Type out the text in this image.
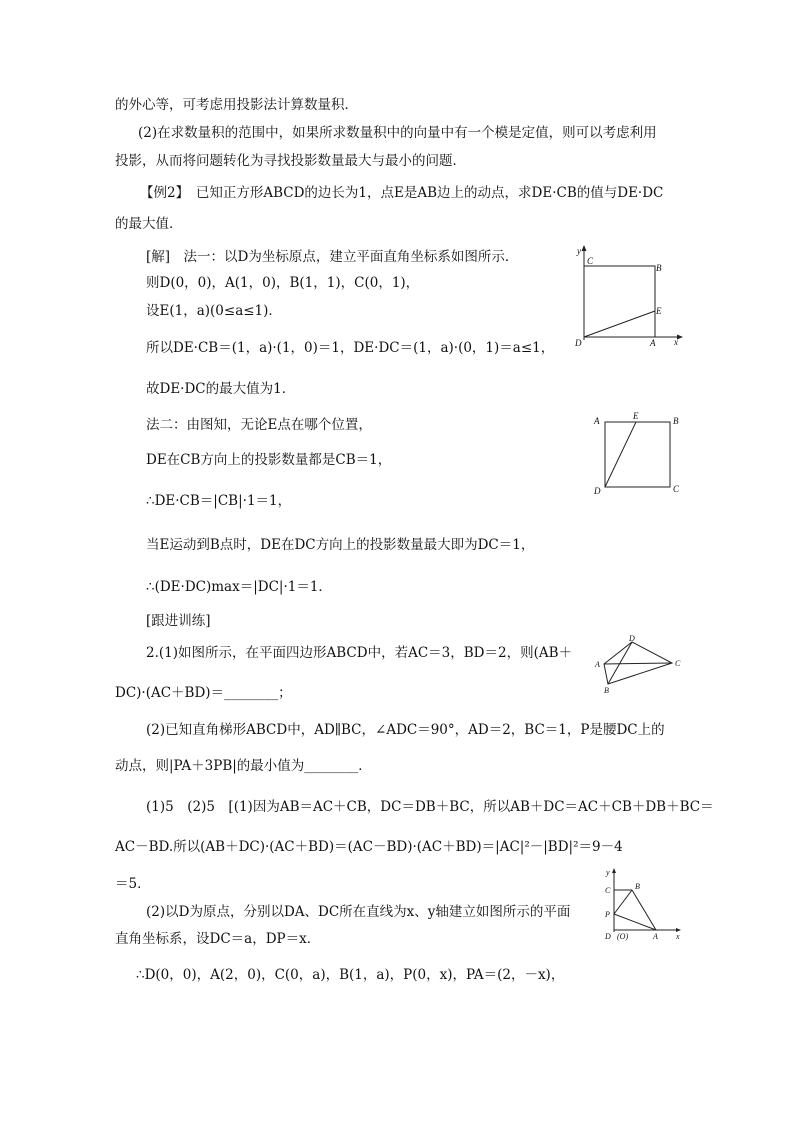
的外心等，可考虑用投影法计算数量积．
(2)在求数量积的范围中，如果所求数量积中的向量中有一个模是定值，则可以考虑利用
投影，从而将问题转化为寻找投影数量最大与最小的问题．
【例2】　已知正方形ABCD的边长为1，点E是AB边上的动点，求DE·CB的值与DE·DC
的最大值．
[解]　法一：以D为坐标原点，建立平面直角坐标系如图所示．
则D(0，0)，A(1，0)，B(1，1)，C(0，1)，
设E(1，a)(0≤a≤1)．
所以DE·CB＝(1，a)·(1，0)＝1，DE·DC＝(1，a)·(0，1)＝a≤1，
故DE·DC的最大值为1．
法二：由图知，无论E点在哪个位置，
DE在CB方向上的投影数量都是CB＝1，
∴DE·CB＝|CB|·1＝1，
当E运动到B点时，DE在DC方向上的投影数量最大即为DC＝1，
∴(DE·DC)max＝|DC|·1＝1．
[跟进训练]
2.(1)如图所示，在平面四边形ABCD中，若AC＝3，BD＝2，则(AB＋
DC)·(AC＋BD)＝________；
(2)已知直角梯形ABCD中，AD∥BC，∠ADC＝90°，AD＝2，BC＝1，P是腰DC上的
动点，则|PA＋3PB|的最小值为________．
(1)5　(2)5　[(1)因为AB＝AC＋CB，DC＝DB＋BC，所以AB＋DC＝AC＋CB＋DB＋BC＝
AC－BD.所以(AB＋DC)·(AC＋BD)＝(AC－BD)·(AC＋BD)＝|AC|²－|BD|²＝9－4
＝5．
(2)以D为原点，分别以DA、DC所在直线为x、y轴建立如图所示的平面
直角坐标系，设DC＝a，DP＝x．
∴D(0，0)，A(2，0)，C(0，a)，B(1，a)，P(0，x)，PA＝(2，－x)，
y
x
C
B
E
D	A
A	E	B
D	C
D
A	C
B
y
C	B
P
D (O)	A x
